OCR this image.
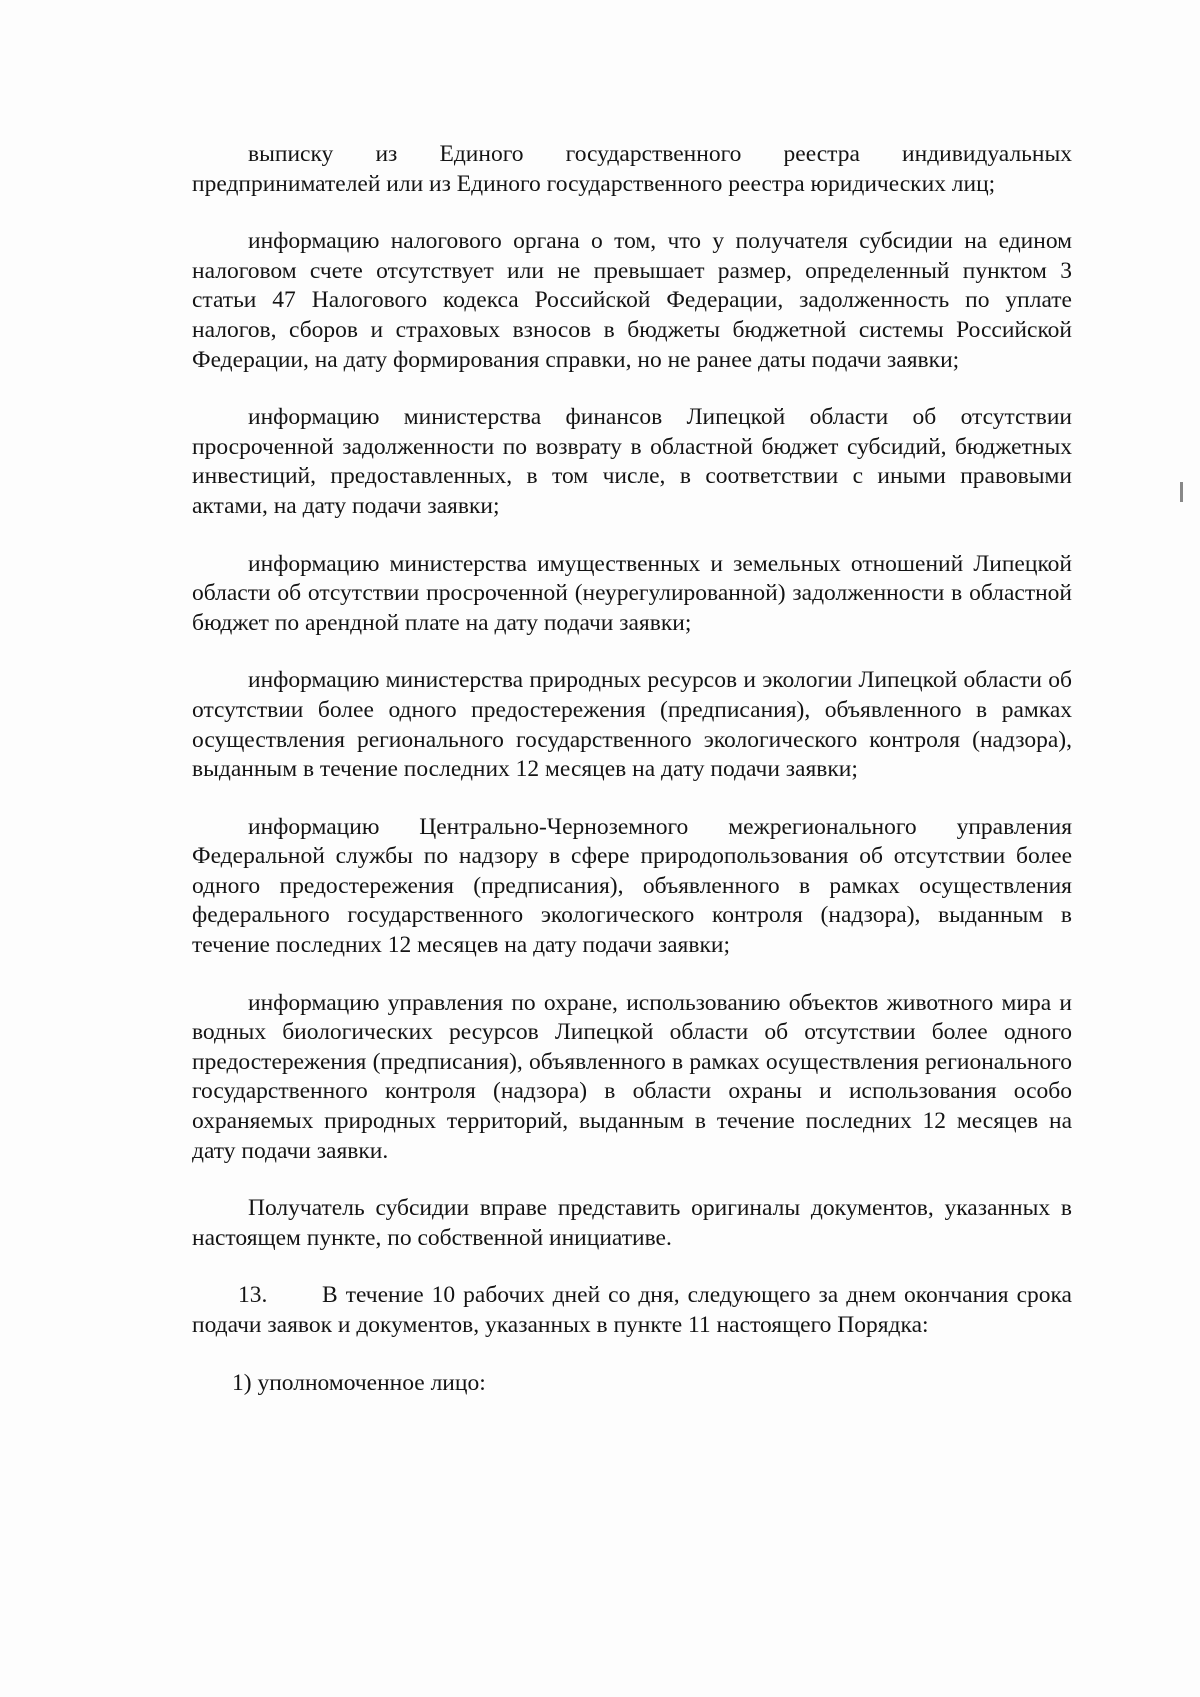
выписку из Единого государственного реестра индивидуальных предпринимателей или из Единого государственного реестра юридических лиц;

информацию налогового органа о том, что у получателя субсидии на едином налоговом счете отсутствует или не превышает размер, определенный пунктом 3 статьи 47 Налогового кодекса Российской Федерации, задолженность по уплате налогов, сборов и страховых взносов в бюджеты бюджетной системы Российской Федерации, на дату формирования справки, но не ранее даты подачи заявки;

информацию министерства финансов Липецкой области об отсутствии просроченной задолженности по возврату в областной бюджет субсидий, бюджетных инвестиций, предоставленных, в том числе, в соответствии с иными правовыми актами, на дату подачи заявки;

информацию министерства имущественных и земельных отношений Липецкой области об отсутствии просроченной (неурегулированной) задолженности в областной бюджет по арендной плате на дату подачи заявки;

информацию министерства природных ресурсов и экологии Липецкой области об отсутствии более одного предостережения (предписания), объявленного в рамках осуществления регионального государственного экологического контроля (надзора), выданным в течение последних 12 месяцев на дату подачи заявки;

информацию Центрально-Черноземного межрегионального управления Федеральной службы по надзору в сфере природопользования об отсутствии более одного предостережения (предписания), объявленного в рамках осуществления федерального государственного экологического контроля (надзора), выданным в течение последних 12 месяцев на дату подачи заявки;

информацию управления по охране, использованию объектов животного мира и водных биологических ресурсов Липецкой области об отсутствии более одного предостережения (предписания), объявленного в рамках осуществления регионального государственного контроля (надзора) в области охраны и использования особо охраняемых природных территорий, выданным в течение последних 12 месяцев на дату подачи заявки.

Получатель субсидии вправе представить оригиналы документов, указанных в настоящем пункте, по собственной инициативе.

13. В течение 10 рабочих дней со дня, следующего за днем окончания срока подачи заявок и документов, указанных в пункте 11 настоящего Порядка:

1) уполномоченное лицо:
